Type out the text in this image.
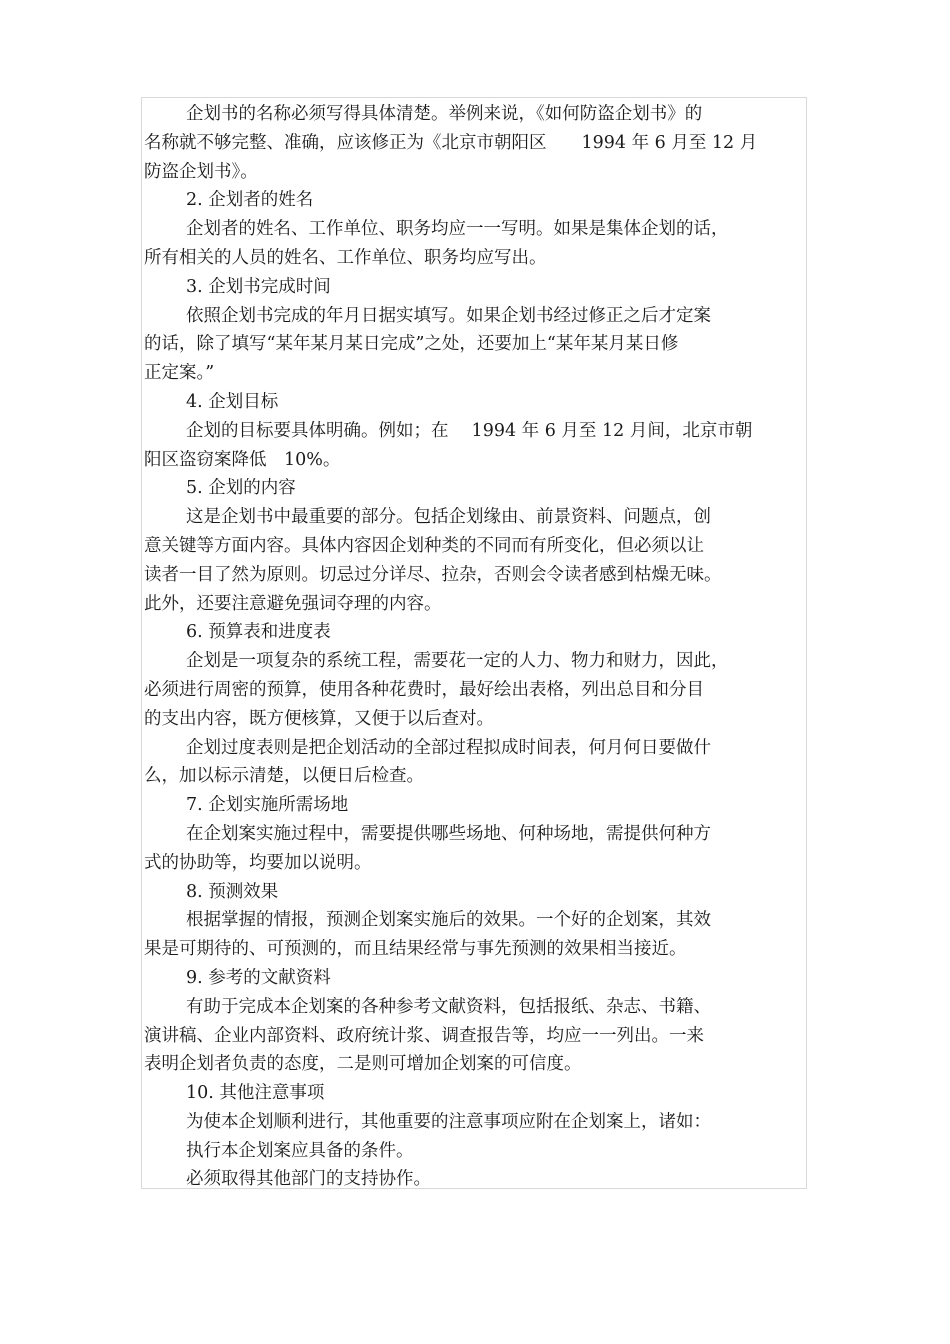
企划书的名称必须写得具体清楚。举例来说，《如何防盗企划书》的
名称就不够完整、准确，应该修正为《北京市朝阳区　　1994 年 6 月至 12 月
防盗企划书》。
2. 企划者的姓名
企划者的姓名、工作单位、职务均应一一写明。如果是集体企划的话，
所有相关的人员的姓名、工作单位、职务均应写出。
3. 企划书完成时间
依照企划书完成的年月日据实填写。如果企划书经过修正之后才定案
的话，除了填写“某年某月某日完成”之处，还要加上“某年某月某日修
正定案。”
4. 企划目标
企划的目标要具体明确。例如；在　 1994 年 6 月至 12 月间，北京市朝
阳区盗窃案降低　10%。
5. 企划的内容
这是企划书中最重要的部分。包括企划缘由、前景资料、问题点，创
意关键等方面内容。具体内容因企划种类的不同而有所变化，但必须以让
读者一目了然为原则。切忌过分详尽、拉杂，否则会令读者感到枯燥无味。
此外，还要注意避免强词夺理的内容。
6. 预算表和进度表
企划是一项复杂的系统工程，需要花一定的人力、物力和财力，因此，
必须进行周密的预算，使用各种花费时，最好绘出表格，列出总目和分目
的支出内容，既方便核算，又便于以后查对。
企划过度表则是把企划活动的全部过程拟成时间表，何月何日要做什
么，加以标示清楚，以便日后检查。
7. 企划实施所需场地
在企划案实施过程中，需要提供哪些场地、何种场地，需提供何种方
式的协助等，均要加以说明。
8. 预测效果
根据掌握的情报，预测企划案实施后的效果。一个好的企划案，其效
果是可期待的、可预测的，而且结果经常与事先预测的效果相当接近。
9. 参考的文献资料
有助于完成本企划案的各种参考文献资料，包括报纸、杂志、书籍、
演讲稿、企业内部资料、政府统计浆、调查报告等，均应一一列出。一来
表明企划者负责的态度，二是则可增加企划案的可信度。
10. 其他注意事项
为使本企划顺利进行，其他重要的注意事项应附在企划案上，诸如：
执行本企划案应具备的条件。
必须取得其他部门的支持协作。
